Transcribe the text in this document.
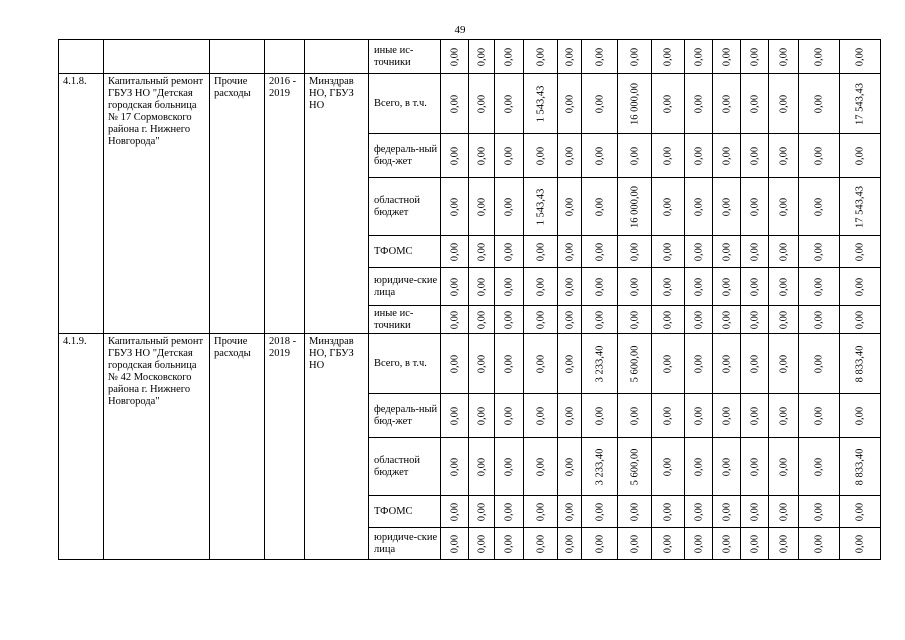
49
					иные ис-точники	0,00	0,00	0,00	0,00	0,00	0,00	0,00	0,00	0,00	0,00	0,00	0,00	0,00	0,00

4.1.8.	Капитальный ремонт ГБУЗ НО "Детская городская больница № 17 Сормовского района г. Нижнего Новгорода"	Прочие расходы	2016 - 2019	Минздрав НО, ГБУЗ НО	Всего, в т.ч.	0,00	0,00	0,00	1 543,43	0,00	0,00	16 000,00	0,00	0,00	0,00	0,00	0,00	0,00	17 543,43

					федераль-ный бюд-жет	0,00	0,00	0,00	0,00	0,00	0,00	0,00	0,00	0,00	0,00	0,00	0,00	0,00	0,00

					областной бюджет	0,00	0,00	0,00	1 543,43	0,00	0,00	16 000,00	0,00	0,00	0,00	0,00	0,00	0,00	17 543,43

					ТФОМС	0,00	0,00	0,00	0,00	0,00	0,00	0,00	0,00	0,00	0,00	0,00	0,00	0,00	0,00

					юридиче-ские лица	0,00	0,00	0,00	0,00	0,00	0,00	0,00	0,00	0,00	0,00	0,00	0,00	0,00	0,00

					иные ис-точники	0,00	0,00	0,00	0,00	0,00	0,00	0,00	0,00	0,00	0,00	0,00	0,00	0,00	0,00

4.1.9.	Капитальный ремонт ГБУЗ НО "Детская городская больница № 42 Московского района г. Нижнего Новгорода"	Прочие расходы	2018 - 2019	Минздрав НО, ГБУЗ НО	Всего, в т.ч.	0,00	0,00	0,00	0,00	0,00	3 233,40	5 600,00	0,00	0,00	0,00	0,00	0,00	0,00	8 833,40

					федераль-ный бюд-жет	0,00	0,00	0,00	0,00	0,00	0,00	0,00	0,00	0,00	0,00	0,00	0,00	0,00	0,00

					областной бюджет	0,00	0,00	0,00	0,00	0,00	3 233,40	5 600,00	0,00	0,00	0,00	0,00	0,00	0,00	8 833,40

					ТФОМС	0,00	0,00	0,00	0,00	0,00	0,00	0,00	0,00	0,00	0,00	0,00	0,00	0,00	0,00

					юридиче-ские лица	0,00	0,00	0,00	0,00	0,00	0,00	0,00	0,00	0,00	0,00	0,00	0,00	0,00	0,00
